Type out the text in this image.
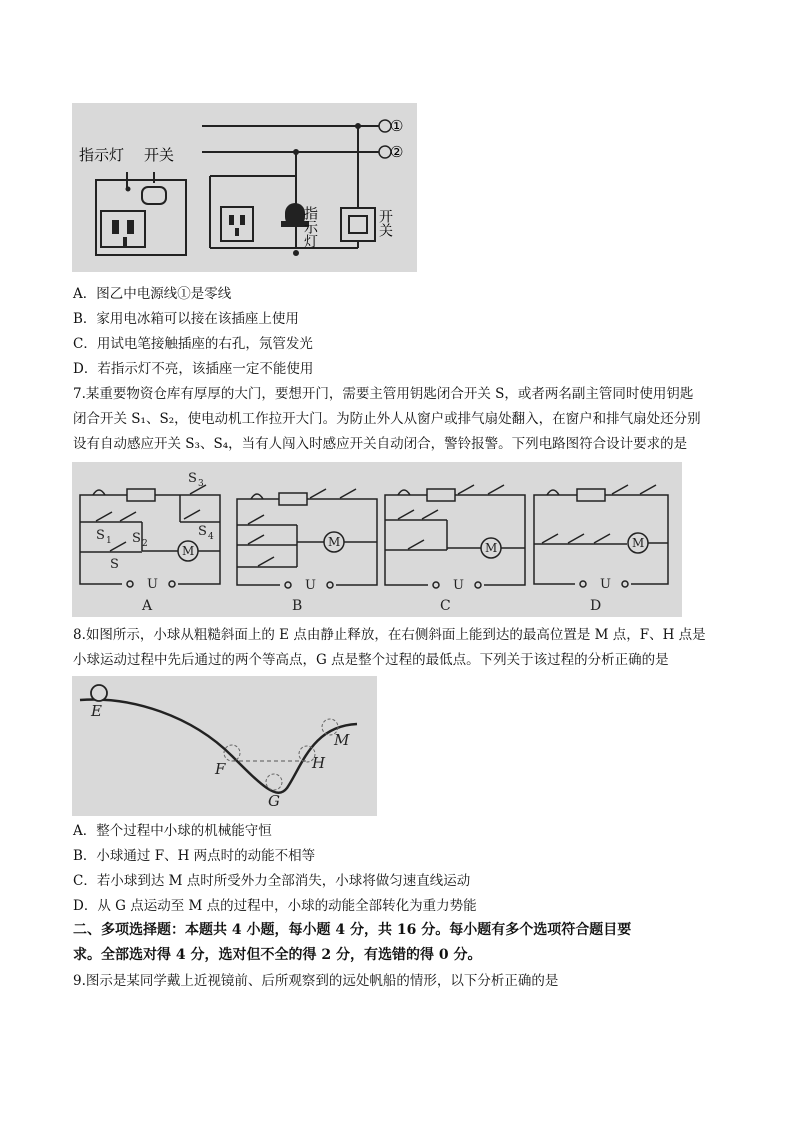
指示灯 开关
①
②
指示灯	开关
A．图乙中电源线①是零线
B．家用电冰箱可以接在该插座上使用
C．用试电笔接触插座的右孔，氖管发光
D．若指示灯不亮，该插座一定不能使用
7.某重要物资仓库有厚厚的大门，要想开门，需要主管用钥匙闭合开关 S，或者两名副主管同时使用钥匙
闭合开关 S₁、S₂，使电动机工作拉开大门。为防止外人从窗户或排气扇处翻入，在窗户和排气扇处还分别
设有自动感应开关 S₃、S₄，当有人闯入时感应开关自动闭合，警铃报警。下列电路图符合设计要求的是
M
M	M	M
U	U	U	U
A	B	C	D
S 3
S 4
S 1 S 2
S
8.如图所示，小球从粗糙斜面上的 E 点由静止释放，在右侧斜面上能到达的最高位置是 M 点，F、H 点是
小球运动过程中先后通过的两个等高点，G 点是整个过程的最低点。下列关于该过程的分析正确的是
E
F
G
H
M
A．整个过程中小球的机械能守恒
B．小球通过 F、H 两点时的动能不相等
C．若小球到达 M 点时所受外力全部消失，小球将做匀速直线运动
D．从 G 点运动至 M 点的过程中，小球的动能全部转化为重力势能
二、多项选择题：本题共 4 小题，每小题 4 分，共 16 分。每小题有多个选项符合题目要
求。全部选对得 4 分，选对但不全的得 2 分，有选错的得 0 分。
9.图示是某同学戴上近视镜前、后所观察到的远处帆船的情形，以下分析正确的是
